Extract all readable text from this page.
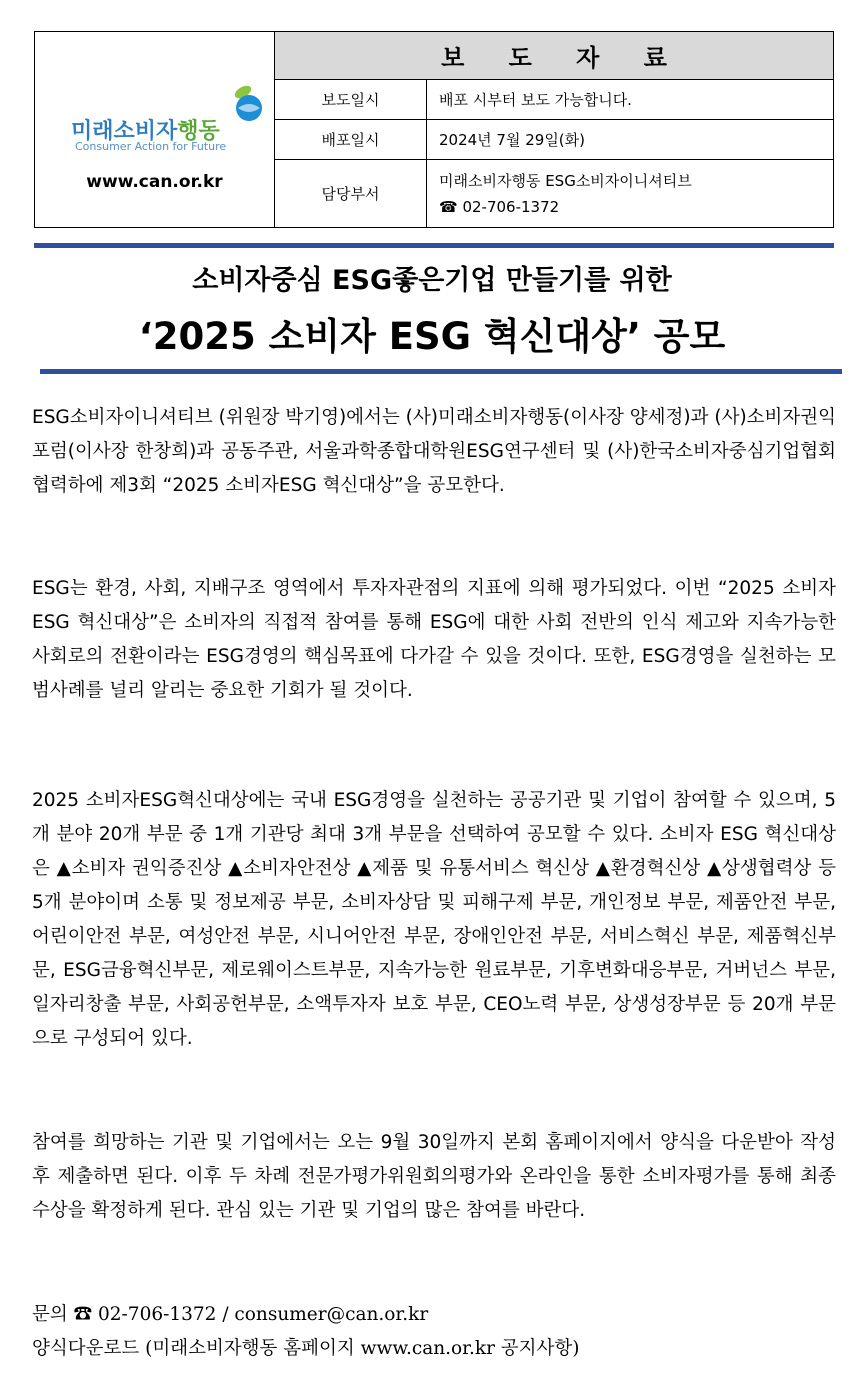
미래소비자행동
Consumer Action for Future
www.can.or.kr
보 도 자 료
보도일시	배포 시부터 보도 가능합니다.
배포일시	2024년 7월 29일(화)
담당부서
미래소비자행동 ESG소비자이니셔티브
☎ 02-706-1372
소비자중심 ESG좋은기업 만들기를 위한
‘2025 소비자 ESG 혁신대상’ 공모
ESG소비자이니셔티브 (위원장 박기영)에서는 (사)미래소비자행동(이사장 양세정)과 (사)소비자권익포럼(이사장 한창희)과 공동주관, 서울과학종합대학원ESG연구센터 및 (사)한국소비자중심기업협회 협력하에 제3회 “2025 소비자ESG 혁신대상”을 공모한다.
ESG는 환경, 사회, 지배구조 영역에서 투자자관점의 지표에 의해 평가되었다. 이번 “2025 소비자 ESG 혁신대상”은 소비자의 직접적 참여를 통해 ESG에 대한 사회 전반의 인식 제고와 지속가능한 사회로의 전환이라는 ESG경영의 핵심목표에 다가갈 수 있을 것이다. 또한, ESG경영을 실천하는 모범사례를 널리 알리는 중요한 기회가 될 것이다.
2025 소비자ESG혁신대상에는 국내 ESG경영을 실천하는 공공기관 및 기업이 참여할 수 있으며, 5개 분야 20개 부문 중 1개 기관당 최대 3개 부문을 선택하여 공모할 수 있다. 소비자 ESG 혁신대상은 ▲소비자 권익증진상 ▲소비자안전상 ▲제품 및 유통서비스 혁신상 ▲환경혁신상 ▲상생협력상 등 5개 분야이며 소통 및 정보제공 부문, 소비자상담 및 피해구제 부문, 개인정보 부문, 제품안전 부문, 어린이안전 부문, 여성안전 부문, 시니어안전 부문, 장애인안전 부문, 서비스혁신 부문, 제품혁신부문, ESG금융혁신부문, 제로웨이스트부문, 지속가능한 원료부문, 기후변화대응부문, 거버넌스 부문, 일자리창출 부문, 사회공헌부문, 소액투자자 보호 부문, CEO노력 부문, 상생성장부문 등 20개 부문으로 구성되어 있다.
참여를 희망하는 기관 및 기업에서는 오는 9월 30일까지 본회 홈페이지에서 양식을 다운받아 작성 후 제출하면 된다. 이후 두 차례 전문가평가위원회의평가와 온라인을 통한 소비자평가를 통해 최종 수상을 확정하게 된다. 관심 있는 기관 및 기업의 많은 참여를 바란다.
문의 ☎ 02-706-1372 / consumer@can.or.kr
양식다운로드 (미래소비자행동 홈페이지 www.can.or.kr 공지사항)
